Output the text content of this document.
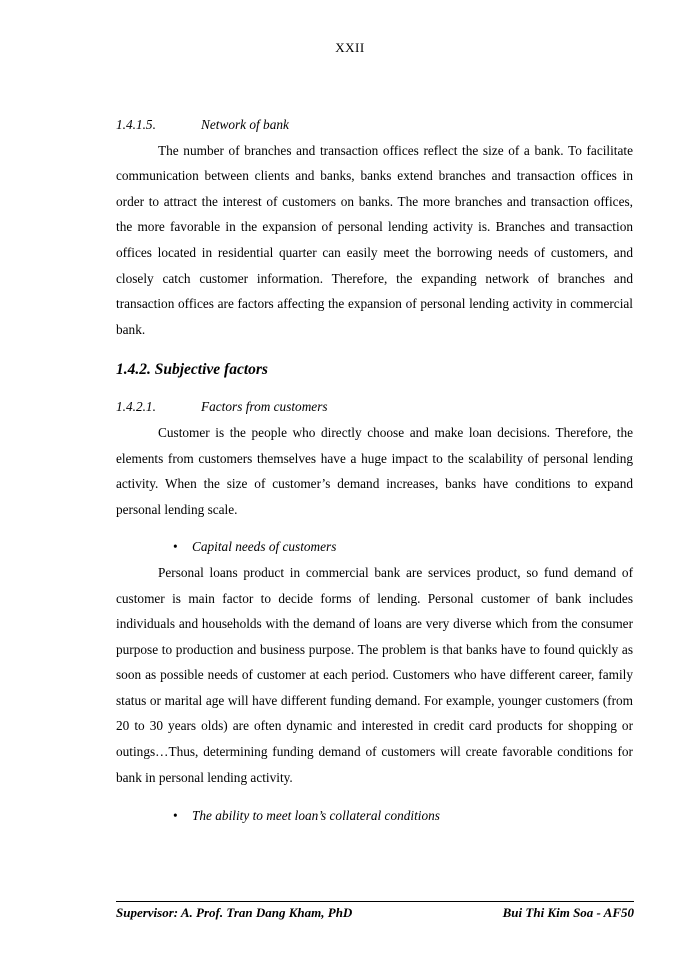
XXII
1.4.1.5.	Network of bank

The number of branches and transaction offices reflect the size of a bank. To facilitate communication between clients and banks, banks extend branches and transaction offices in order to attract the interest of customers on banks. The more branches and transaction offices, the more favorable in the expansion of personal lending activity is. Branches and transaction offices located in residential quarter can easily meet the borrowing needs of customers, and closely catch customer information. Therefore, the expanding network of branches and transaction offices are factors affecting the expansion of personal lending activity in commercial bank.

1.4.2. Subjective factors
1.4.2.1.	Factors from customers

Customer is the people who directly choose and make loan decisions. Therefore, the elements from customers themselves have a huge impact to the scalability of personal lending activity. When the size of customer’s demand increases, banks have conditions to expand personal lending scale.

• Capital needs of customers

Personal loans product in commercial bank are services product, so fund demand of customer is main factor to decide forms of lending. Personal customer of bank includes individuals and households with the demand of loans are very diverse which from the consumer purpose to production and business purpose. The problem is that banks have to found quickly as soon as possible needs of customer at each period. Customers who have different career, family status or marital age will have different funding demand. For example, younger customers (from 20 to 30 years olds) are often dynamic and interested in credit card products for shopping or outings…Thus, determining funding demand of customers will create favorable conditions for bank in personal lending activity.

• The ability to meet loan’s collateral conditions
Supervisor: A. Prof. Tran Dang Kham, PhD	Bui Thi Kim Soa - AF50
